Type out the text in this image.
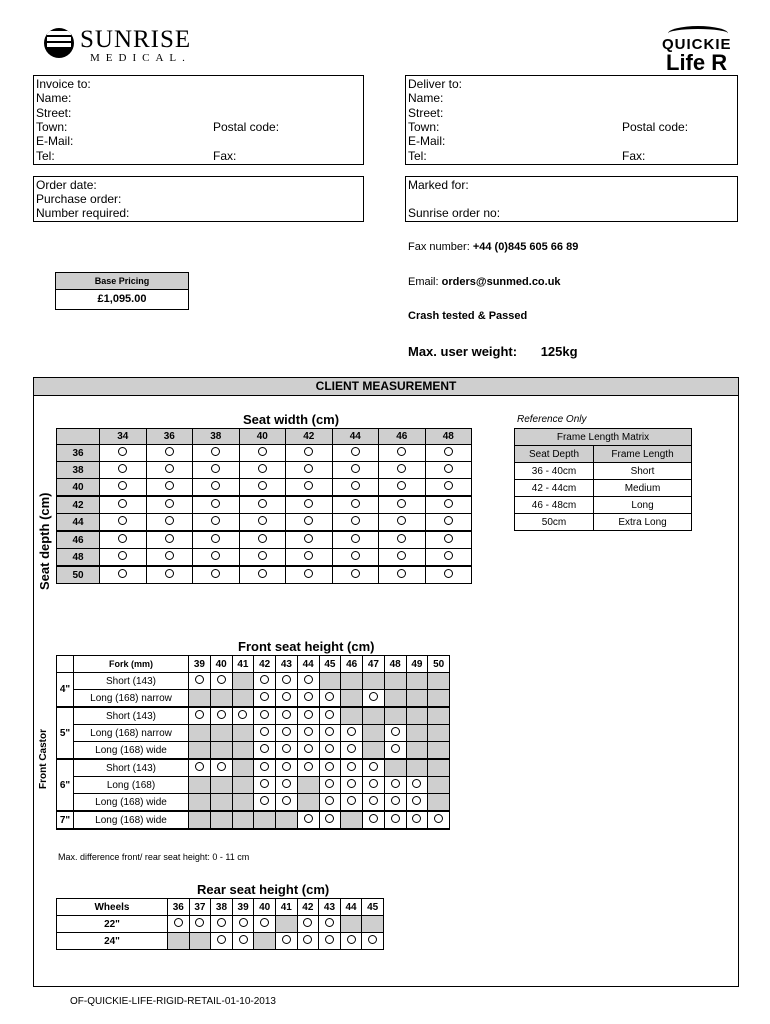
SUNRISE
MEDICAL.
QUICKIE
Life R
Invoice to:
Name:
Street:
Town:	Postal code:
E-Mail:
Tel:	Fax:
Deliver to:
Name:
Street:
Town:	Postal code:
E-Mail:
Tel:	Fax:
Order date:
Purchase order:
Number required:
Marked for:
Sunrise order no:
Fax number: +44 (0)845 605 66 89
Email: orders@sunmed.co.uk
Crash tested & Passed
Max. user weight: 125kg
Base Pricing
£1,095.00
CLIENT MEASUREMENT
Seat width (cm)
Seat depth (cm)
	34	36	38	40	42	44	46	48
36								
38								
40								
42								
44								
46								
48								
50								
Reference Only
Frame Length Matrix	
Seat Depth	Frame Length
36 - 40cm	Short
42 - 44cm	Medium
46 - 48cm	Long
50cm	Extra Long
Front seat height (cm)
Front Castor
	Fork (mm)	39	40	41	42	43	44	45	46	47	48	49	50
4"	Short (143)												
	Long (168) narrow												
5"	Short (143)												
	Long (168) narrow												
	Long (168) wide												
6"	Short (143)												
	Long (168)												
	Long (168) wide												
7"	Long (168) wide												
Max. difference front/ rear seat height: 0 - 11 cm
Rear seat height (cm)
Wheels	36	37	38	39	40	41	42	43	44	45
22"										
24"										
OF-QUICKIE-LIFE-RIGID-RETAIL-01-10-2013
